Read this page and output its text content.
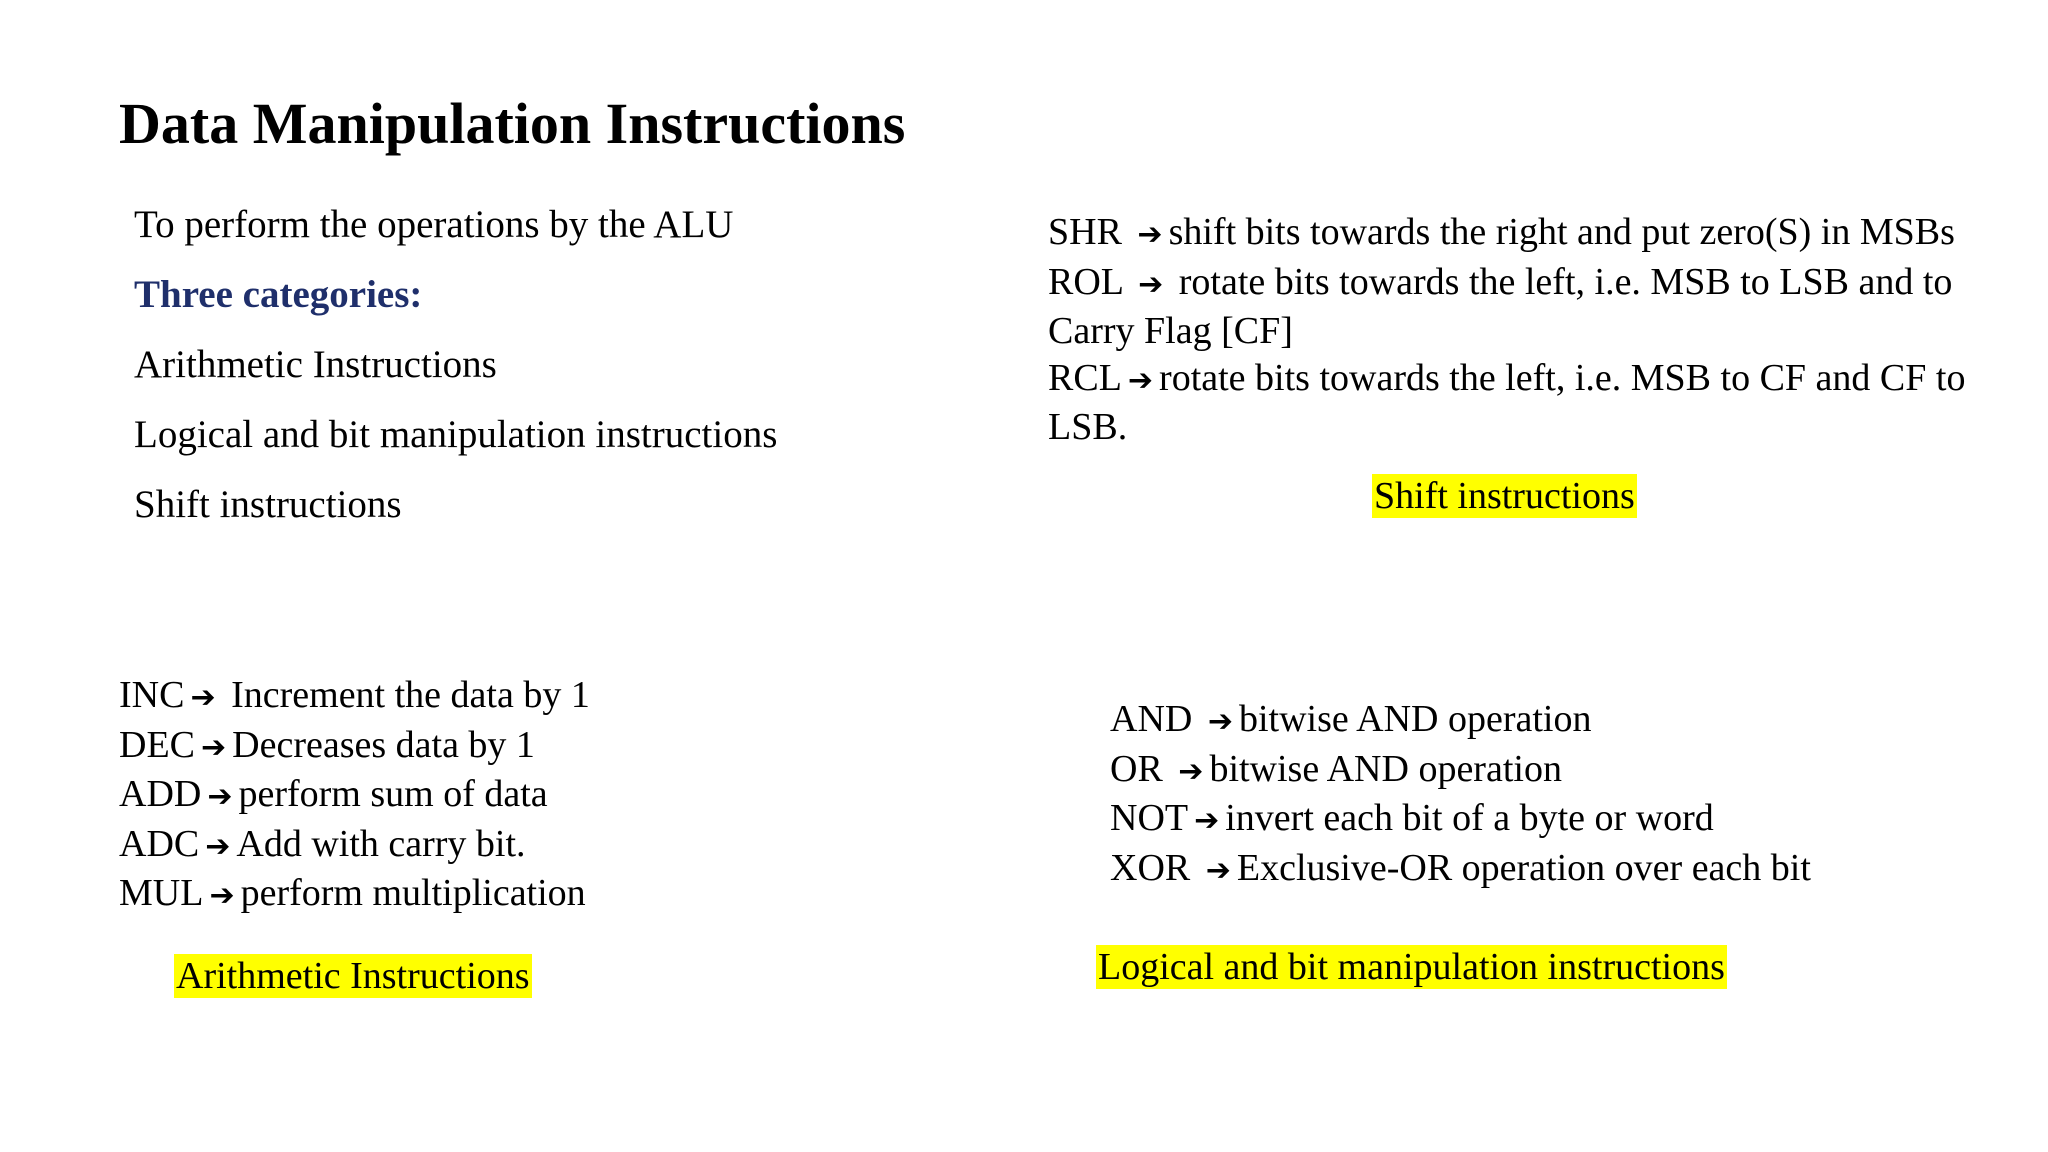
Data Manipulation Instructions
To perform the operations by the ALU
Three categories:
Arithmetic Instructions
Logical and bit manipulation instructions
Shift instructions
SHR ➔ shift bits towards the right and put zero(S) in MSBs
ROL ➔ rotate bits towards the left, i.e. MSB to LSB and to Carry Flag [CF]
RCL ➔ rotate bits towards the left, i.e. MSB to CF and CF to LSB.
Shift instructions
INC ➔ Increment the data by 1
DEC ➔ Decreases data by 1
ADD ➔ perform sum of data
ADC ➔ Add with carry bit.
MUL ➔ perform multiplication
Arithmetic Instructions
AND ➔ bitwise AND operation
OR ➔ bitwise AND operation
NOT ➔ invert each bit of a byte or word
XOR ➔ Exclusive-OR operation over each bit
Logical and bit manipulation instructions
